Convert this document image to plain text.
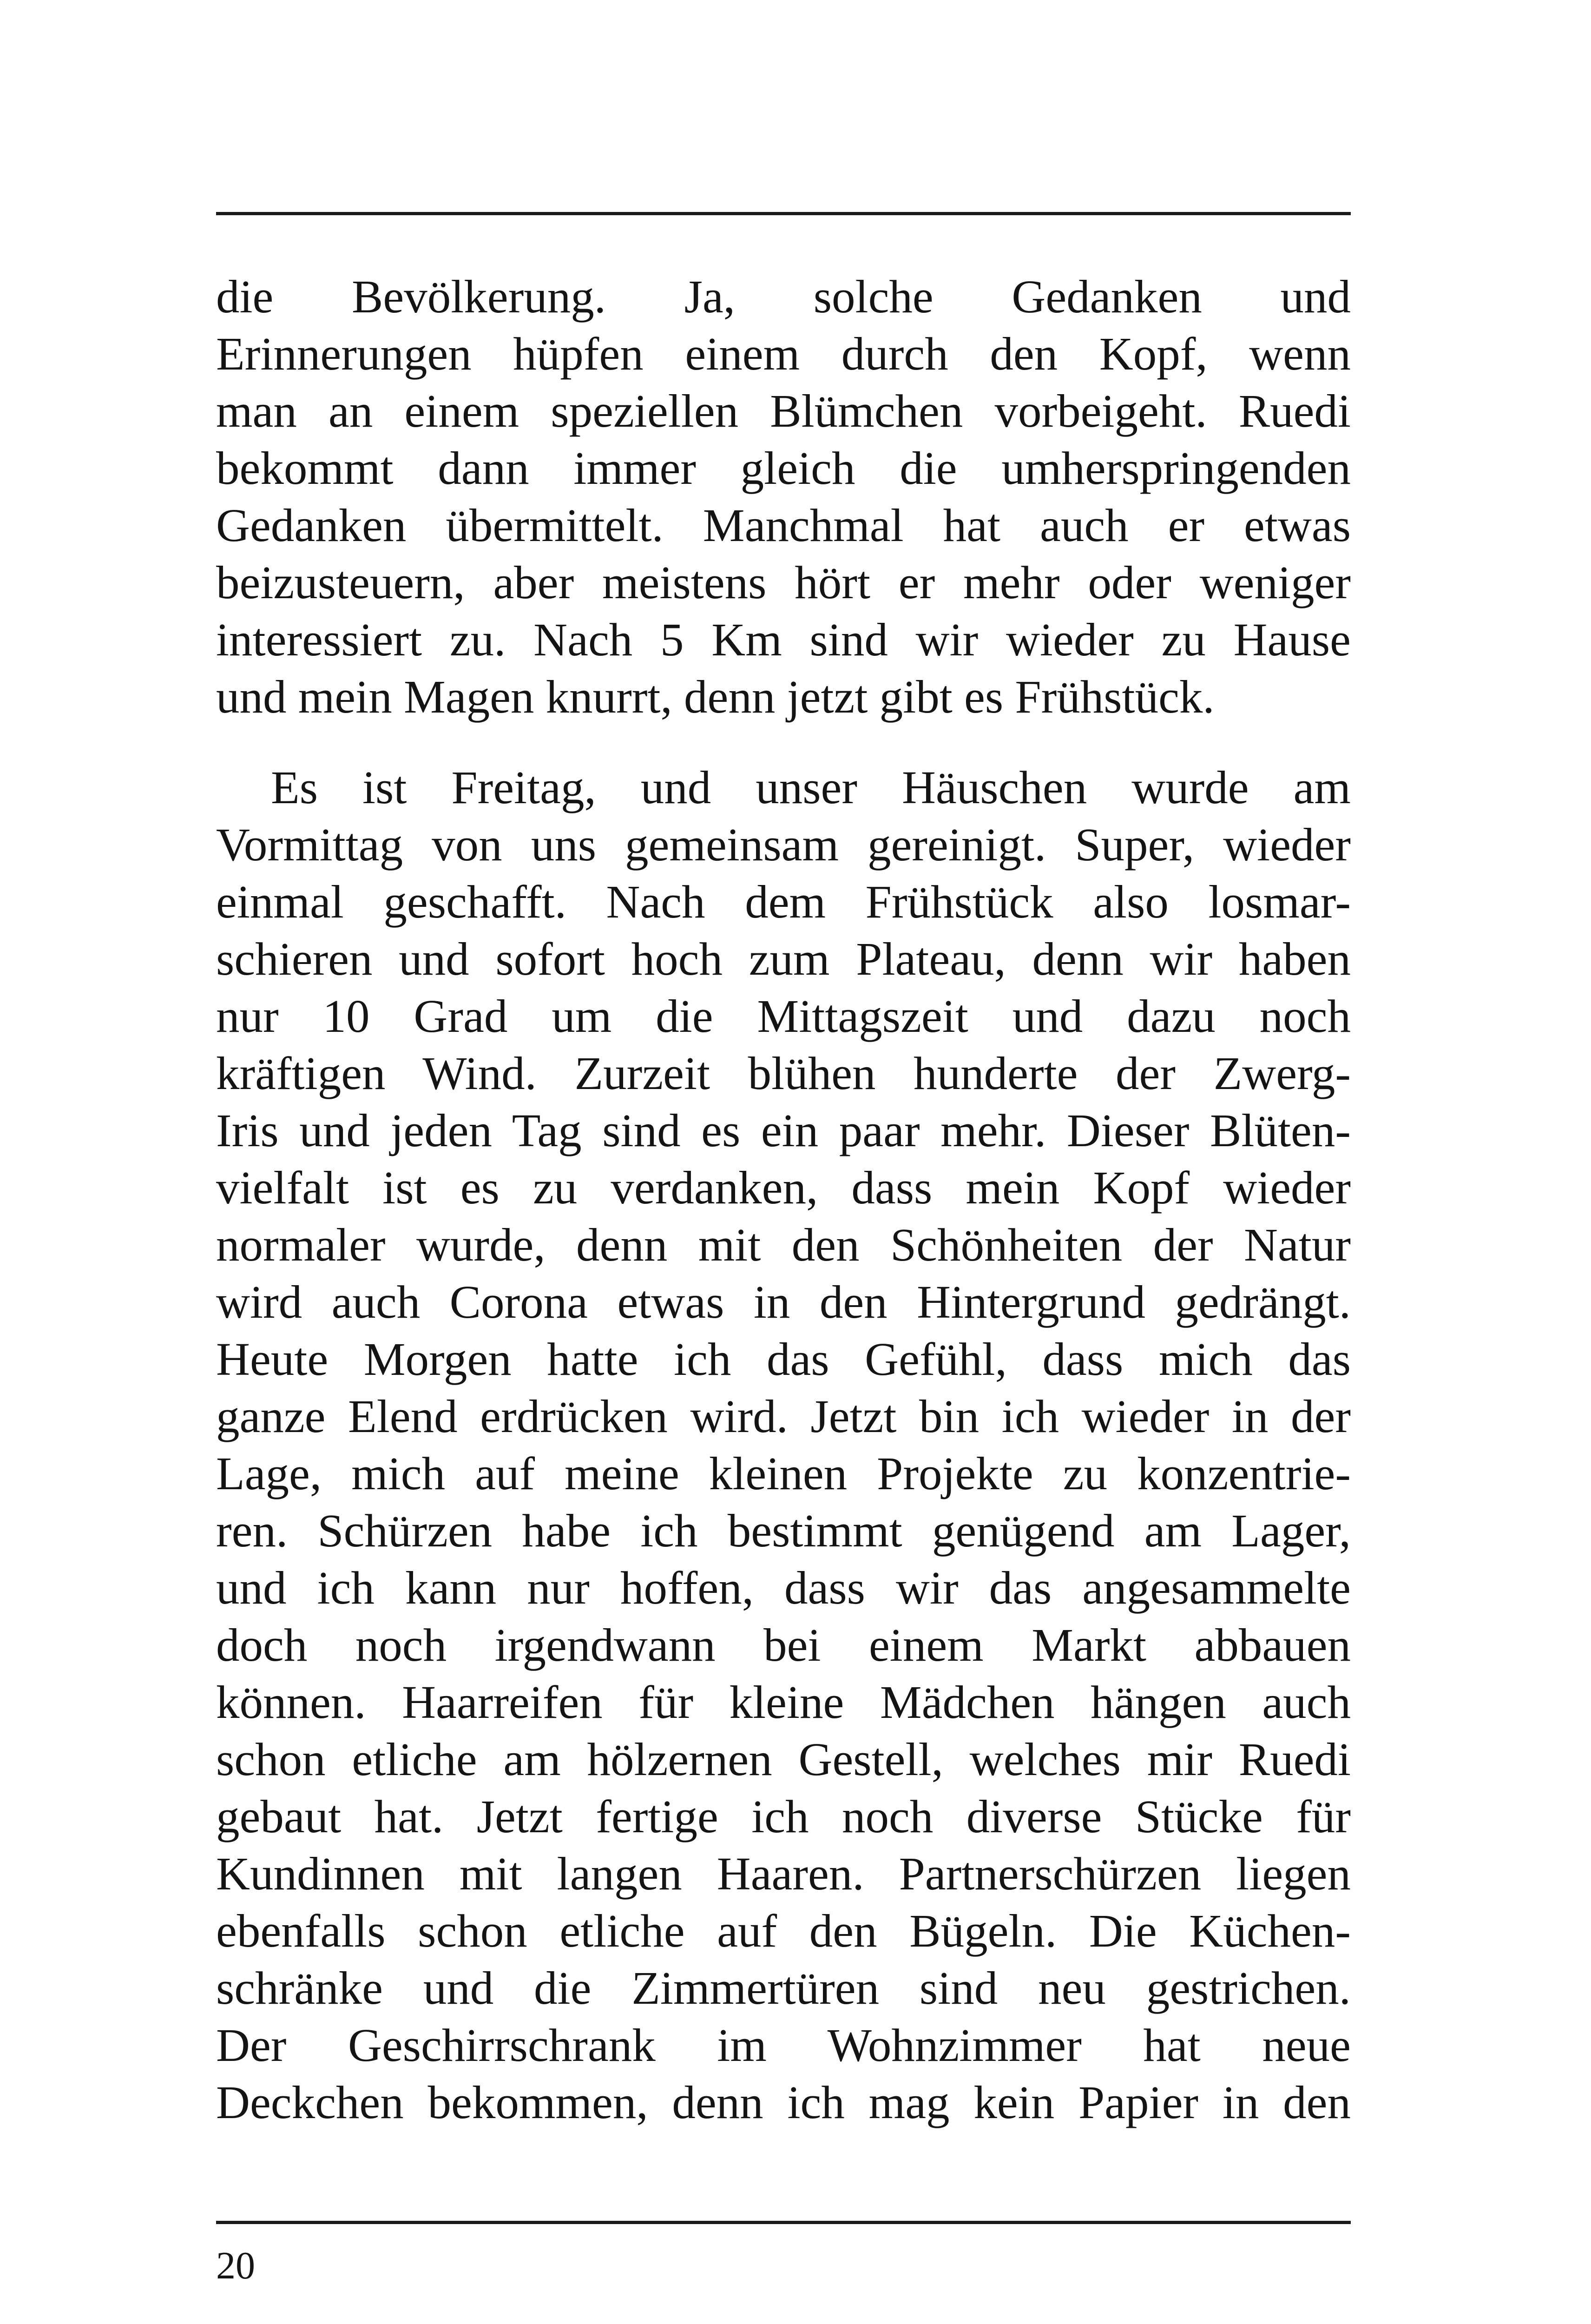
die Bevölkerung. Ja, solche Gedanken und
Erinnerungen hüpfen einem durch den Kopf, wenn
man an einem speziellen Blümchen vorbeigeht. Ruedi
bekommt dann immer gleich die umherspringenden
Gedanken übermittelt. Manchmal hat auch er etwas
beizusteuern, aber meistens hört er mehr oder weniger
interessiert zu. Nach 5 Km sind wir wieder zu Hause
und mein Magen knurrt, denn jetzt gibt es Frühstück.
Es ist Freitag, und unser Häuschen wurde am
Vormittag von uns gemeinsam gereinigt. Super, wieder
einmal geschafft. Nach dem Frühstück also losmar-
schieren und sofort hoch zum Plateau, denn wir haben
nur 10 Grad um die Mittagszeit und dazu noch
kräftigen Wind. Zurzeit blühen hunderte der Zwerg-
Iris und jeden Tag sind es ein paar mehr. Dieser Blüten-
vielfalt ist es zu verdanken, dass mein Kopf wieder
normaler wurde, denn mit den Schönheiten der Natur
wird auch Corona etwas in den Hintergrund gedrängt.
Heute Morgen hatte ich das Gefühl, dass mich das
ganze Elend erdrücken wird. Jetzt bin ich wieder in der
Lage, mich auf meine kleinen Projekte zu konzentrie-
ren. Schürzen habe ich bestimmt genügend am Lager,
und ich kann nur hoffen, dass wir das angesammelte
doch noch irgendwann bei einem Markt abbauen
können. Haarreifen für kleine Mädchen hängen auch
schon etliche am hölzernen Gestell, welches mir Ruedi
gebaut hat. Jetzt fertige ich noch diverse Stücke für
Kundinnen mit langen Haaren. Partnerschürzen liegen
ebenfalls schon etliche auf den Bügeln. Die Küchen-
schränke und die Zimmertüren sind neu gestrichen.
Der Geschirrschrank im Wohnzimmer hat neue
Deckchen bekommen, denn ich mag kein Papier in den
20
